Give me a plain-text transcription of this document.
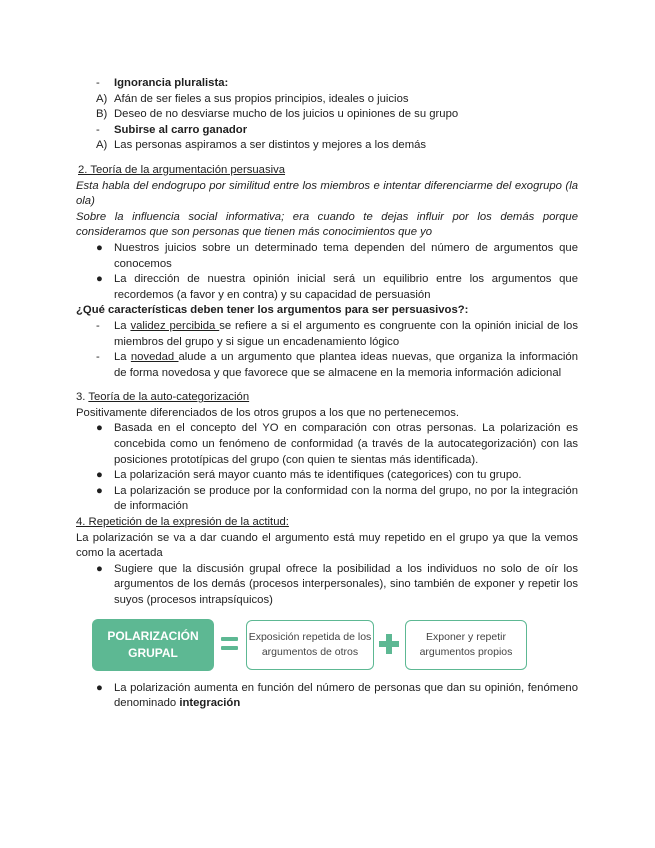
-	Ignorancia pluralista:
A) Afán de ser fieles a sus propios principios, ideales o juicios
B) Deseo de no desviarse mucho de los juicios u opiniones de su grupo
-	Subirse al carro ganador
A) Las personas aspiramos a ser distintos y mejores a los demás
2. Teoría de la argumentación persuasiva
Esta habla del endogrupo por similitud entre los miembros e intentar diferenciarme del exogrupo (la ola)
Sobre la influencia social informativa; era cuando te dejas influir por los demás porque consideramos que son personas que tienen más conocimientos que yo
● Nuestros juicios sobre un determinado tema dependen del número de argumentos que conocemos
● La dirección de nuestra opinión inicial será un equilibrio entre los argumentos que recordemos (a favor y en contra) y su capacidad de persuasión
¿Qué características deben tener los argumentos para ser persuasivos?:
- La validez percibida se refiere a si el argumento es congruente con la opinión inicial de los miembros del grupo y si sigue un encadenamiento lógico
- La novedad alude a un argumento que plantea ideas nuevas, que organiza la información de forma novedosa y que favorece que se almacene en la memoria información adicional
3. Teoría de la auto-categorización
Positivamente diferenciados de los otros grupos a los que no pertenecemos.
● Basada en el concepto del YO en comparación con otras personas. La polarización es concebida como un fenómeno de conformidad (a través de la autocategorización) con las posiciones prototípicas del grupo (con quien te sientas más identificada).
● La polarización será mayor cuanto más te identifiques (categorices) con tu grupo.
● La polarización se produce por la conformidad con la norma del grupo, no por la integración de información
4. Repetición de la expresión de la actitud:
La polarización se va a dar cuando el argumento está muy repetido en el grupo ya que la vemos como la acertada
● Sugiere que la discusión grupal ofrece la posibilidad a los individuos no solo de oír los argumentos de los demás (procesos interpersonales), sino también de exponer y repetir los suyos (procesos intrapsíquicos)
POLARIZACIÓN GRUPAL
Exposición repetida de los argumentos de otros
Exponer y repetir argumentos propios
● La polarización aumenta en función del número de personas que dan su opinión, fenómeno denominado integración
